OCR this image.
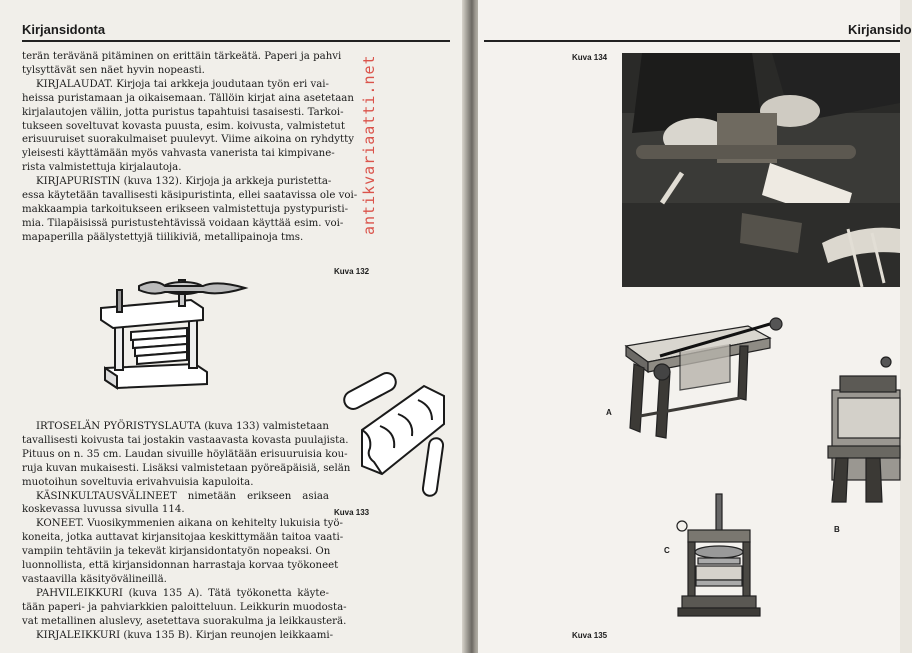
Kirjansidonta
terän terävänä pitäminen on erittäin tärkeätä. Paperi ja pahvi
tylsyttävät sen näet hyvin nopeasti.
KIRJALAUDAT. Kirjoja tai arkkeja joudutaan työn eri vai-
heissa puristamaan ja oikaisemaan. Tällöin kirjat aina asetetaan
kirjalautojen väliin, jotta puristus tapahtuisi tasaisesti. Tarkoi-
tukseen soveltuvat kovasta puusta, esim. koivusta, valmistetut
erisuuruiset suorakulmaiset puulevyt. Viime aikoina on ryhdytty
yleisesti käyttämään myös vahvasta vanerista tai kimpivane-
rista valmistettuja kirjalautoja.
KIRJAPURISTIN (kuva 132). Kirjoja ja arkkeja puristetta-
essa käytetään tavallisesti käsipuristinta, ellei saatavissa ole voi-
makkaampia tarkoitukseen erikseen valmistettuja pystypuristi-
mia. Tilapäisissä puristustehtävissä voidaan käyttää esim. voi-
mapaperilla päälystettyjä tiilikiviä, metallipainoja tms.
IRTOSELÄN PYÖRISTYSLAUTA (kuva 133) valmistetaan
tavallisesti koivusta tai jostakin vastaavasta kovasta puulajista.
Pituus on n. 35 cm. Laudan sivuille höylätään erisuuruisia kou-
ruja kuvan mukaisesti. Lisäksi valmistetaan pyöreäpäisiä, selän
muotoihun soveltuvia erivahvuisia kapuloita.
KÄSINKULTAUSVÄLINEET nimetään erikseen asiaa
koskevassa luvussa sivulla 114.
KONEET. Vuosikymmenien aikana on kehitelty lukuisia työ-
koneita, jotka auttavat kirjansitojaa keskittymään taitoa vaati-
vampiin tehtäviin ja tekevät kirjansidontatyön nopeaksi. On
luonnollista, että kirjansidonnan harrastaja korvaa työkoneet
vastaavilla käsityövälineillä.
PAHVILEIKKURI (kuva 135 A). Tätä työkonetta käyte-
tään paperi- ja pahviarkkien paloitteluun. Leikkurin muodosta-
vat metallinen aluslevy, asetettava suorakulma ja leikkausterä.
KIRJALEIKKURI (kuva 135 B). Kirjan reunojen leikkaami-
Kuva 132
Kuva 133
Kirjansido
Kuva 134
A
B
C
Kuva 135
antikvariaatti.net
